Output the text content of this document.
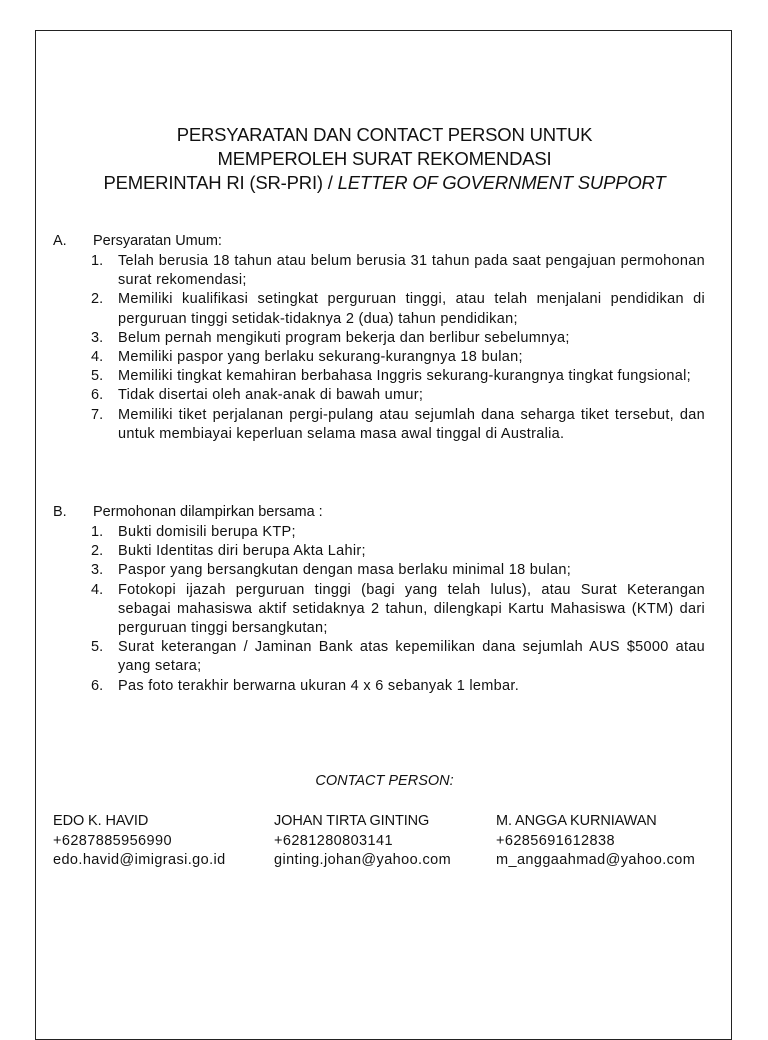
PERSYARATAN DAN CONTACT PERSON UNTUK
MEMPEROLEH SURAT REKOMENDASI
PEMERINTAH RI (SR-PRI) / LETTER OF GOVERNMENT SUPPORT
A.	Persyaratan Umum:
1.	Telah berusia 18 tahun atau belum berusia 31 tahun pada saat pengajuan permohonan surat rekomendasi;
2.	Memiliki kualifikasi setingkat perguruan tinggi, atau telah menjalani pendidikan di perguruan tinggi setidak-tidaknya 2 (dua) tahun pendidikan;
3.	Belum pernah mengikuti program bekerja dan berlibur sebelumnya;
4.	Memiliki paspor yang berlaku sekurang-kurangnya 18 bulan;
5.	Memiliki tingkat kemahiran berbahasa Inggris sekurang-kurangnya tingkat fungsional;
6.	Tidak disertai oleh anak-anak di bawah umur;
7.	Memiliki tiket perjalanan pergi-pulang atau sejumlah dana seharga tiket tersebut, dan untuk membiayai keperluan selama masa awal tinggal di Australia.
B.	Permohonan dilampirkan bersama :
1.	Bukti domisili berupa KTP;
2.	Bukti Identitas diri berupa Akta Lahir;
3.	Paspor yang bersangkutan dengan masa berlaku minimal 18 bulan;
4.	Fotokopi ijazah perguruan tinggi (bagi yang telah lulus), atau Surat Keterangan sebagai mahasiswa aktif setidaknya 2 tahun, dilengkapi Kartu Mahasiswa (KTM) dari perguruan tinggi bersangkutan;
5.	Surat keterangan / Jaminan Bank atas kepemilikan dana sejumlah AUS $5000 atau yang setara;
6.	Pas foto terakhir berwarna ukuran 4 x 6 sebanyak 1 lembar.
CONTACT PERSON:
EDO K. HAVID
+6287885956990
edo.havid@imigrasi.go.id
JOHAN TIRTA GINTING
+6281280803141
ginting.johan@yahoo.com
M. ANGGA KURNIAWAN
+6285691612838
m_anggaahmad@yahoo.com
